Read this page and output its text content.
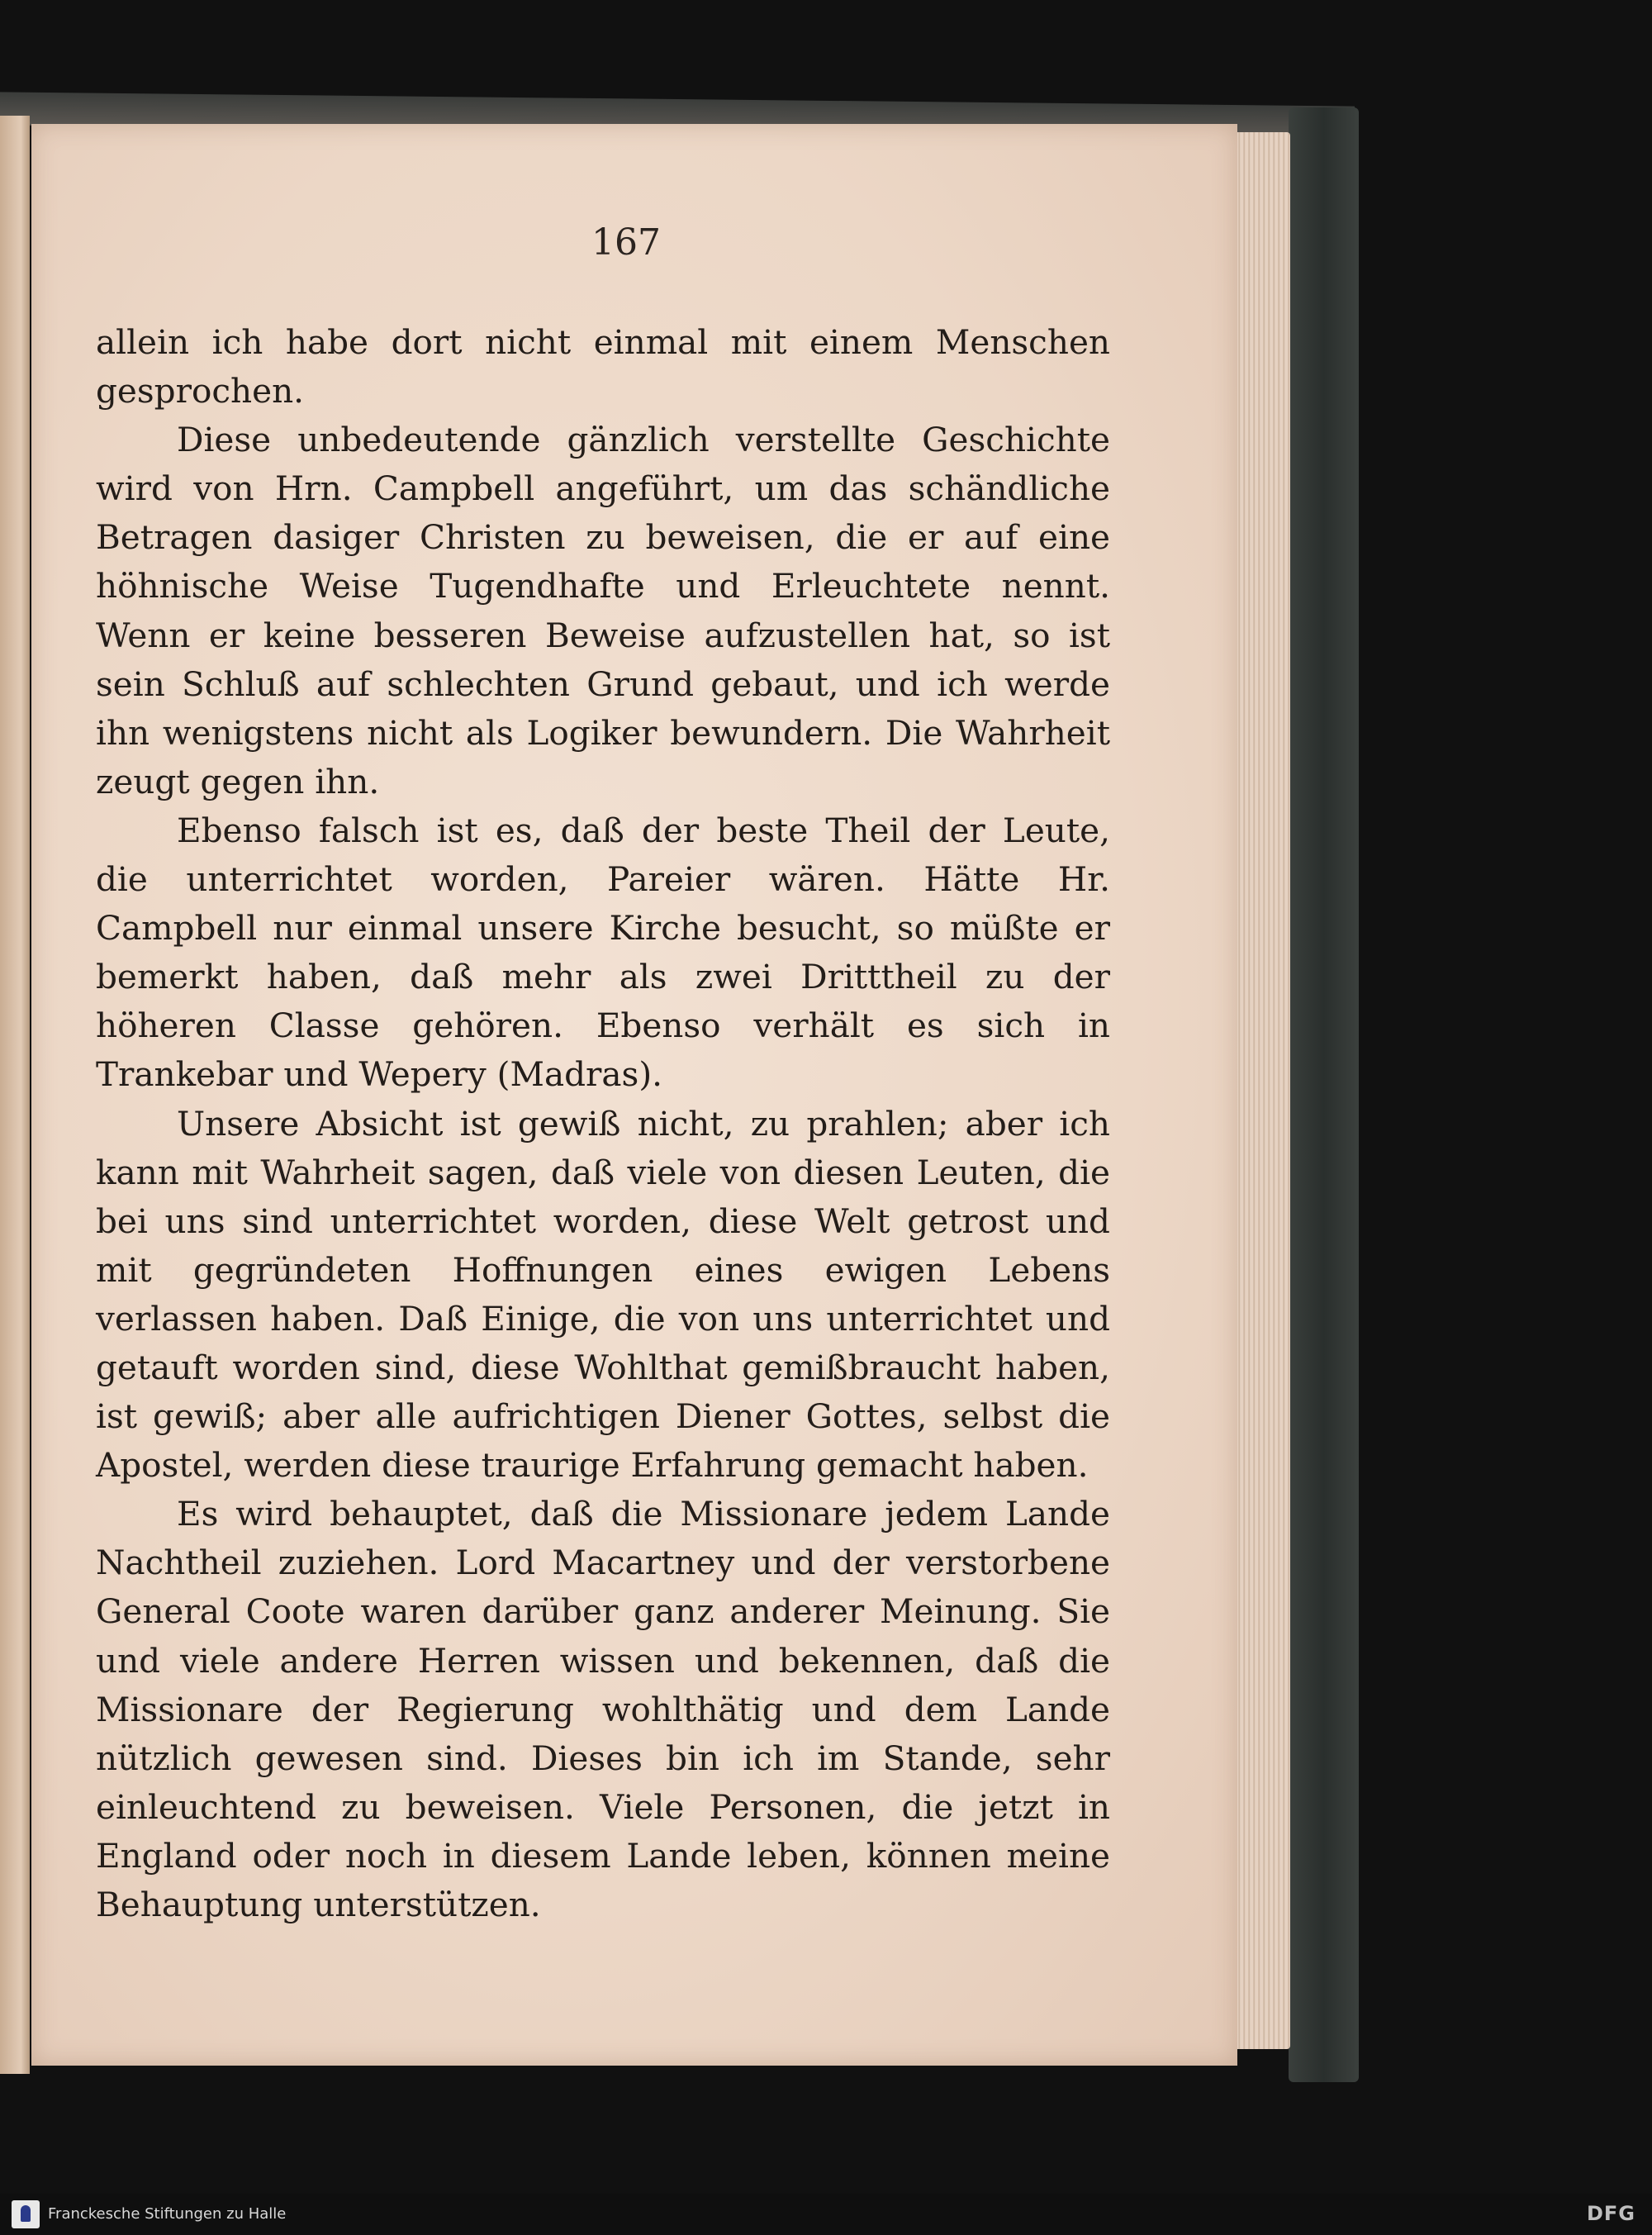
167

allein ich habe dort nicht einmal mit einem Menschen gesprochen.

Diese unbedeutende gänzlich verstellte Geschichte wird von Hrn. Campbell angeführt, um das schändliche Betragen dasiger Christen zu beweisen, die er auf eine höhnische Weise Tugendhafte und Erleuchtete nennt. Wenn er keine besseren Beweise aufzustellen hat, so ist sein Schluß auf schlechten Grund gebaut, und ich werde ihn wenigstens nicht als Logiker bewundern. Die Wahrheit zeugt gegen ihn.

Ebenso falsch ist es, daß der beste Theil der Leute, die unterrichtet worden, Pareier wären. Hätte Hr. Campbell nur einmal unsere Kirche besucht, so müßte er bemerkt haben, daß mehr als zwei Dritttheil zu der höheren Classe gehören. Ebenso verhält es sich in Trankebar und Wepery (Madras).

Unsere Absicht ist gewiß nicht, zu prahlen; aber ich kann mit Wahrheit sagen, daß viele von diesen Leuten, die bei uns sind unterrichtet worden, diese Welt getrost und mit gegründeten Hoffnungen eines ewigen Lebens verlassen haben. Daß Einige, die von uns unterrichtet und getauft worden sind, diese Wohlthat gemißbraucht haben, ist gewiß; aber alle aufrichtigen Diener Gottes, selbst die Apostel, werden diese traurige Erfahrung gemacht haben.

Es wird behauptet, daß die Missionare jedem Lande Nachtheil zuziehen. Lord Macartney und der verstorbene General Coote waren darüber ganz anderer Meinung. Sie und viele andere Herren wissen und bekennen, daß die Missionare der Regierung wohlthätig und dem Lande nützlich gewesen sind. Dieses bin ich im Stande, sehr einleuchtend zu beweisen. Viele Personen, die jetzt in England oder noch in diesem Lande leben, können meine Behauptung unterstützen.

Franckesche Stiftungen zu Halle	DFG
